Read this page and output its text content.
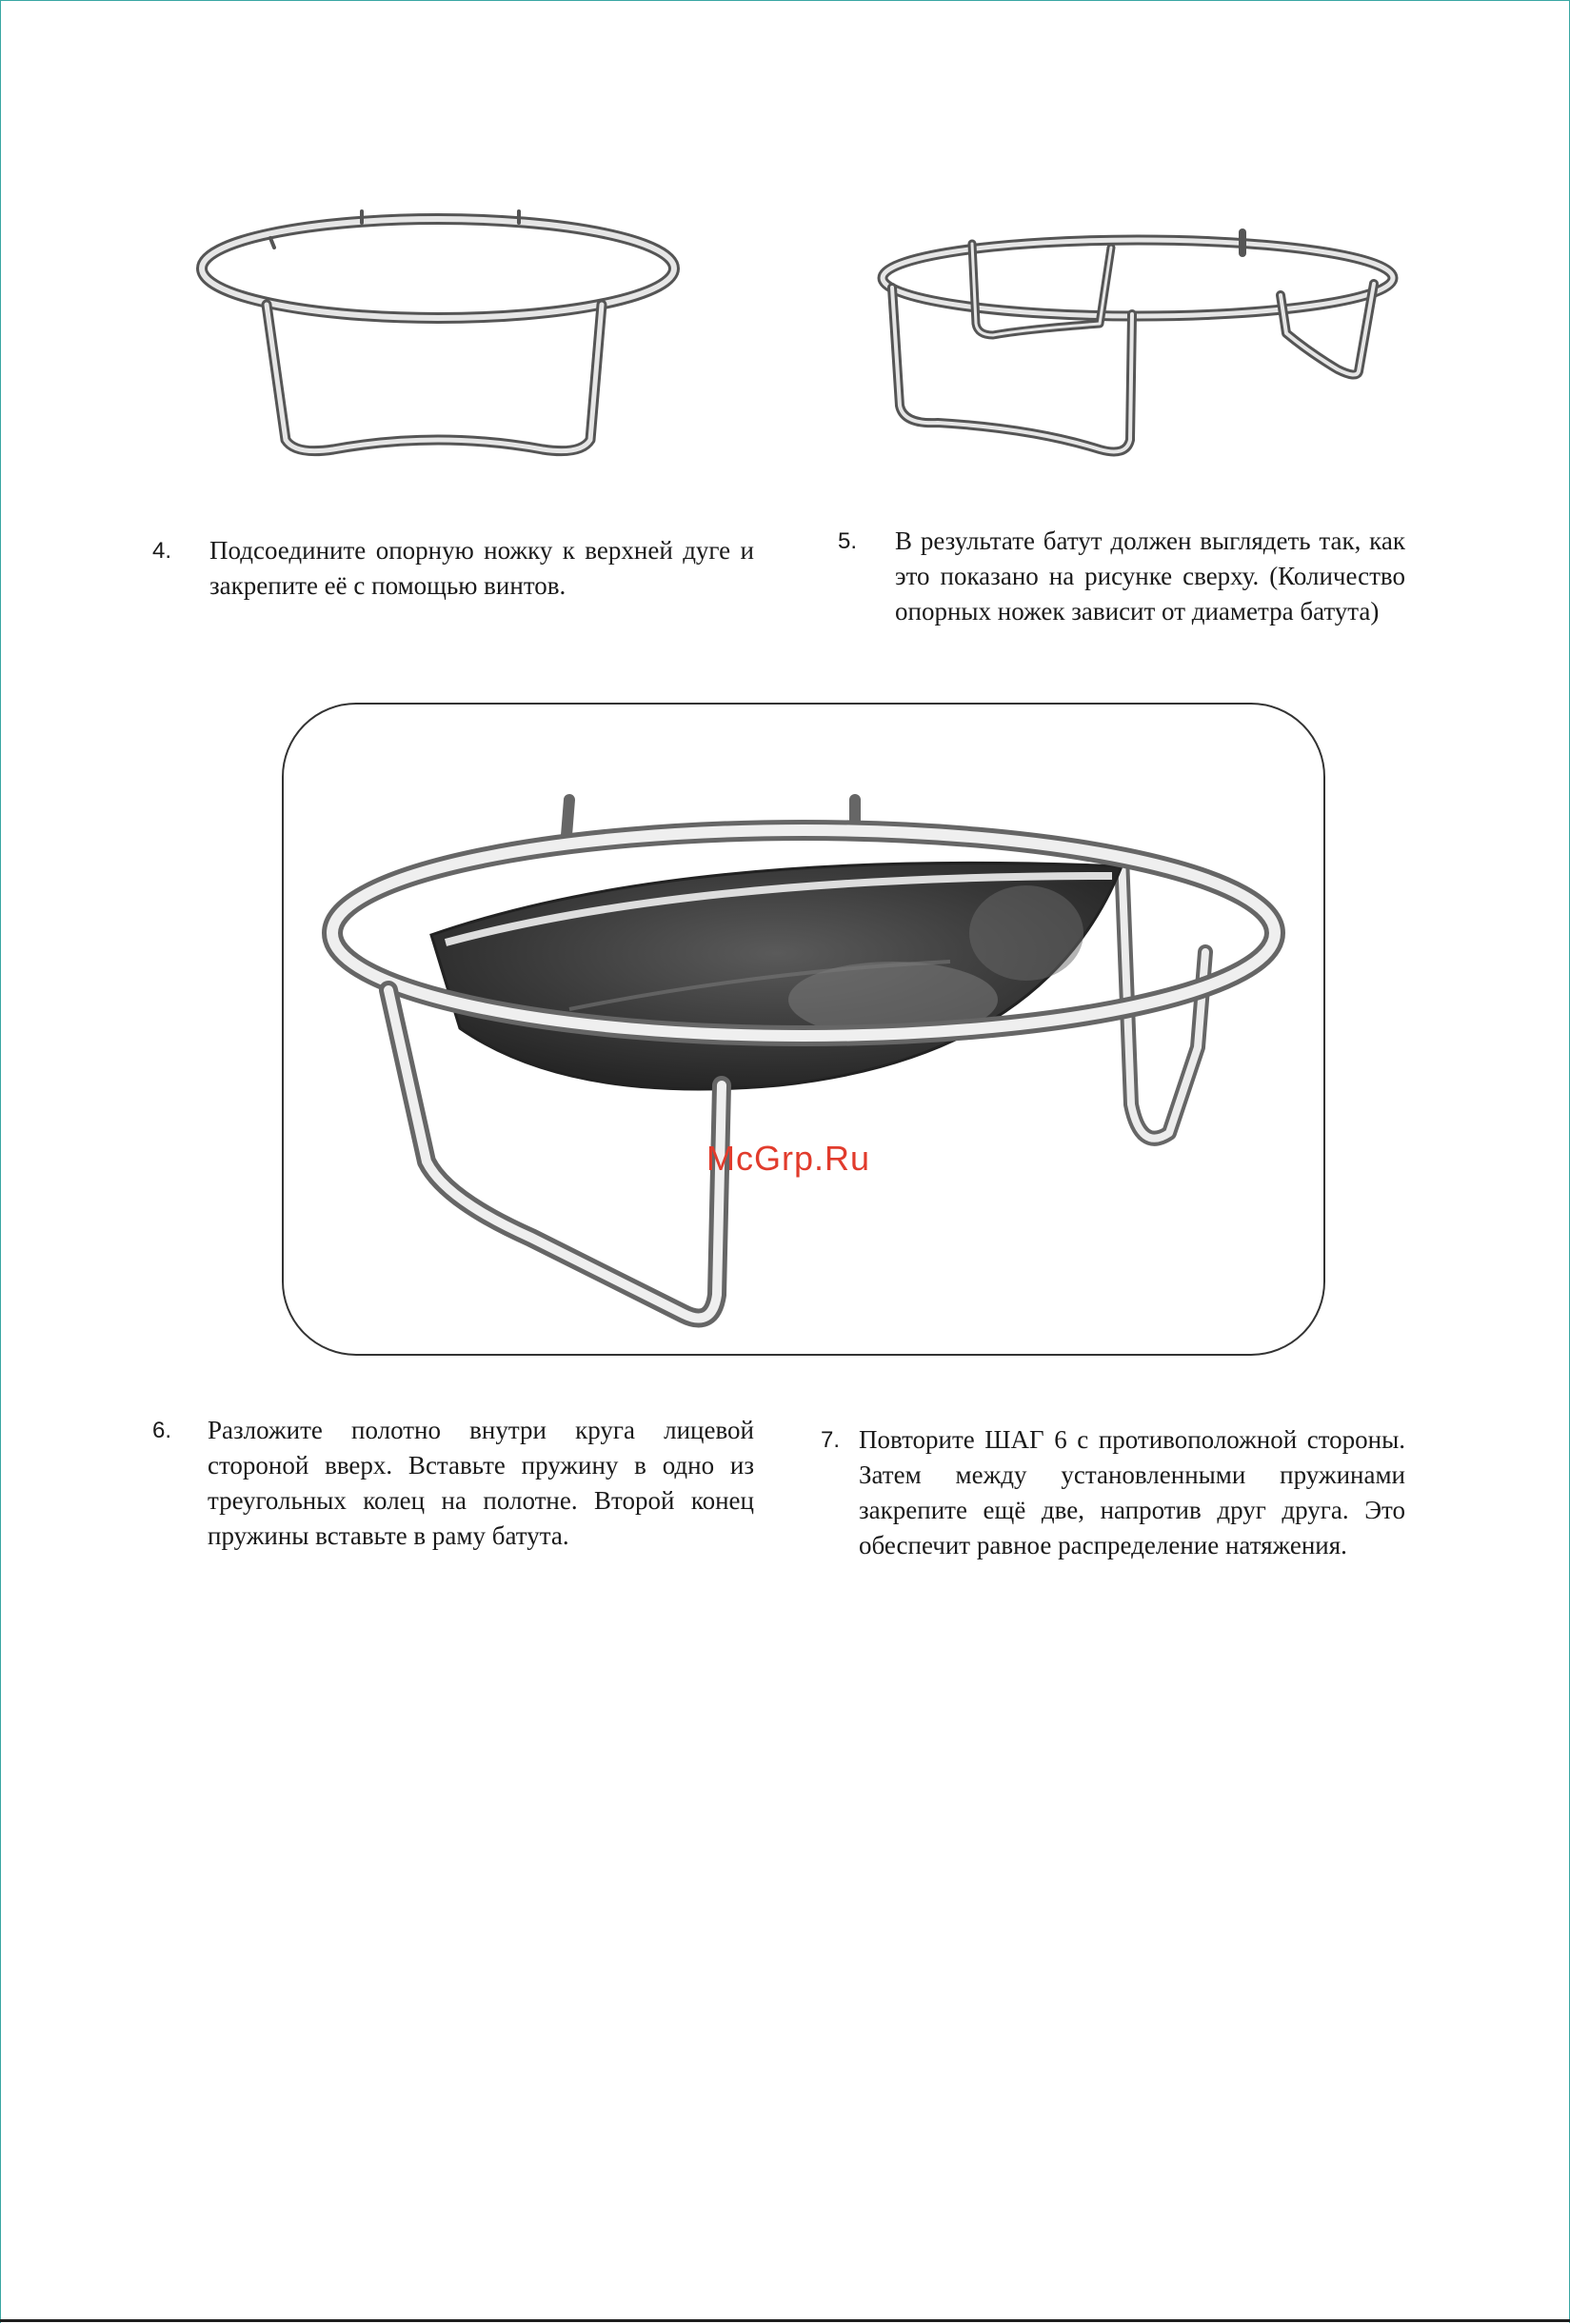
4. Подсоедините опорную ножку к верхней дуге и закрепите её с помощью винтов.
5. В результате батут должен выглядеть так, как это показано на рисунке сверху. (Количество опорных ножек зависит от диаметра батута)
McGrp.Ru
6. Разложите полотно внутри круга лицевой стороной вверх. Вставьте пружину в одно из треугольных колец на полотне. Второй конец пружины вставьте в раму батута.
7. Повторите ШАГ 6 с противоположной стороны. Затем между установленными пружинами закрепите ещё две, напротив друг друга. Это обеспечит равное распределение натяжения.
